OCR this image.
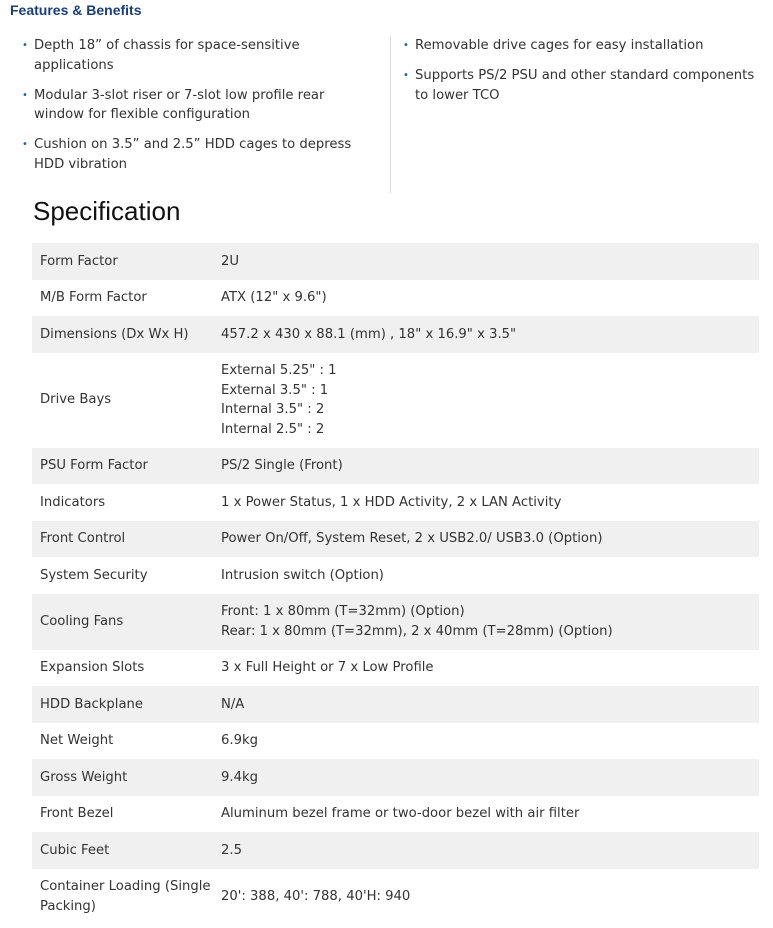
Features & Benefits
• Depth 18” of chassis for space-sensitive applications
• Modular 3-slot riser or 7-slot low profile rear window for flexible configuration
• Cushion on 3.5” and 2.5” HDD cages to depress HDD vibration
• Removable drive cages for easy installation
• Supports PS/2 PSU and other standard components to lower TCO
Specification
Form Factor	2U

M/B Form Factor	ATX (12" x 9.6")

Dimensions (Dx Wx H)	457.2 x 430 x 88.1 (mm) , 18" x 16.9" x 3.5"

Drive Bays	External 5.25" : 1
External 3.5" : 1
Internal 3.5" : 2
Internal 2.5" : 2

PSU Form Factor	PS/2 Single (Front)

Indicators	1 x Power Status, 1 x HDD Activity, 2 x LAN Activity

Front Control	Power On/Off, System Reset, 2 x USB2.0/ USB3.0 (Option)

System Security	Intrusion switch (Option)

Cooling Fans	Front: 1 x 80mm (T=32mm) (Option)
Rear: 1 x 80mm (T=32mm), 2 x 40mm (T=28mm) (Option)

Expansion Slots	3 x Full Height or 7 x Low Profile

HDD Backplane	N/A

Net Weight	6.9kg

Gross Weight	9.4kg

Front Bezel	Aluminum bezel frame or two-door bezel with air filter

Cubic Feet	2.5

Container Loading (Single Packing)	20': 388, 40': 788, 40'H: 940
